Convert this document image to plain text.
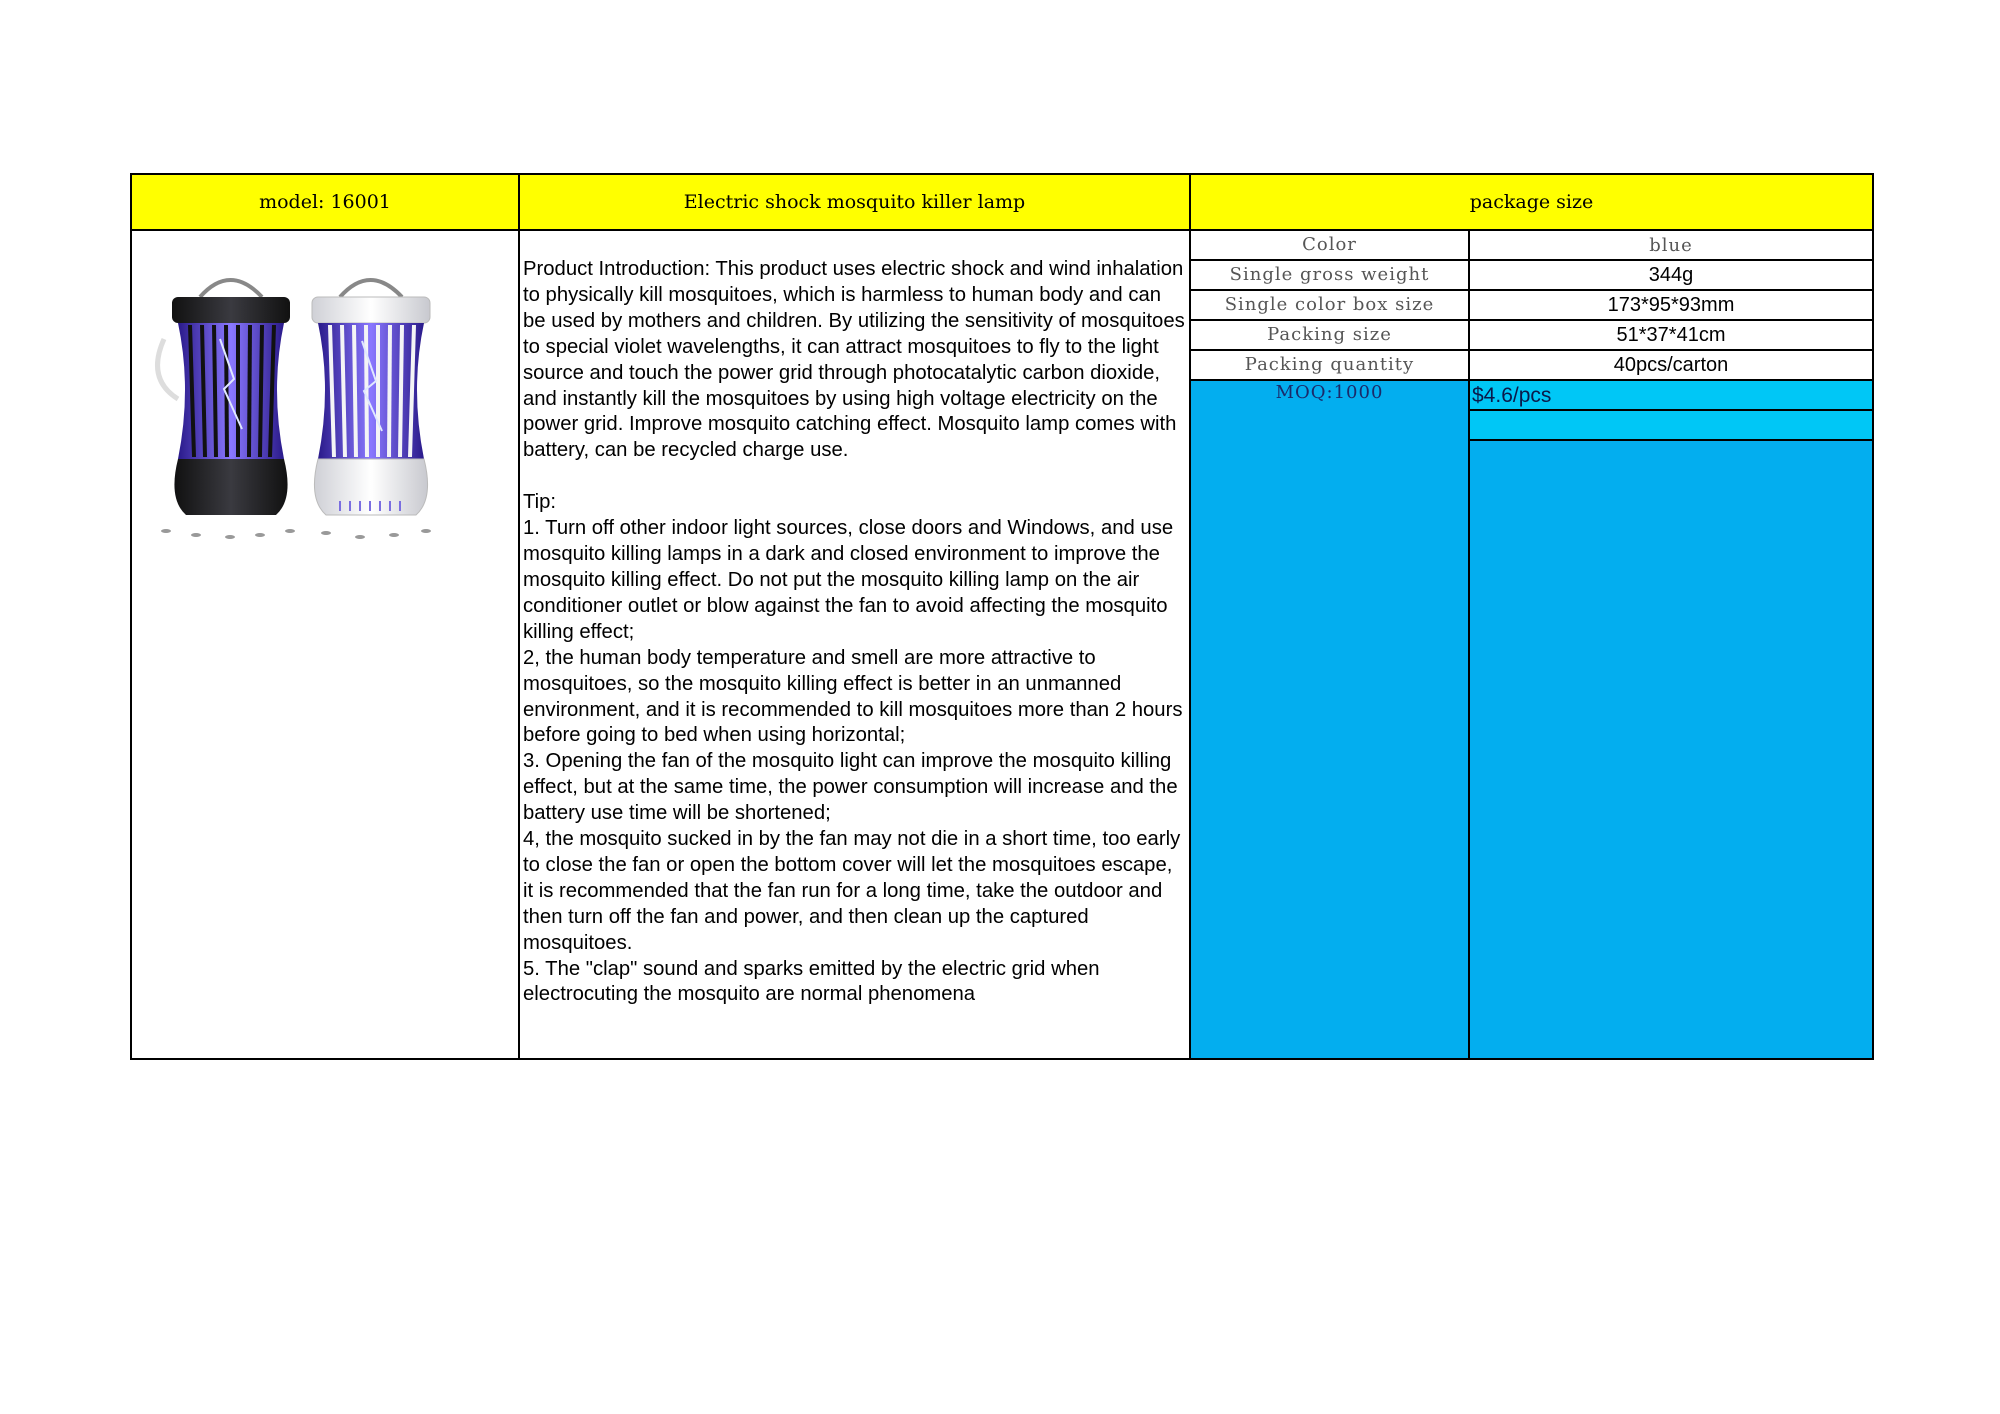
model: 16001	Electric shock mosquito killer lamp	package size
Product Introduction: This product uses electric shock and wind inhalation to physically kill mosquitoes, which is harmless to human body and can be used by mothers and children. By utilizing the sensitivity of mosquitoes to special violet wavelengths, it can attract mosquitoes to fly to the light source and touch the power grid through photocatalytic carbon dioxide, and instantly kill the mosquitoes by using high voltage electricity on the power grid. Improve mosquito catching effect. Mosquito lamp comes with battery, can be recycled charge use.
Tip:
1. Turn off other indoor light sources, close doors and Windows, and use mosquito killing lamps in a dark and closed environment to improve the mosquito killing effect. Do not put the mosquito killing lamp on the air conditioner outlet or blow against the fan to avoid affecting the mosquito killing effect;
2, the human body temperature and smell are more attractive to mosquitoes, so the mosquito killing effect is better in an unmanned environment, and it is recommended to kill mosquitoes more than 2 hours before going to bed when using horizontal;
3. Opening the fan of the mosquito light can improve the mosquito killing effect, but at the same time, the power consumption will increase and the battery use time will be shortened;
4, the mosquito sucked in by the fan may not die in a short time, too early to close the fan or open the bottom cover will let the mosquitoes escape, it is recommended that the fan run for a long time, take the outdoor and then turn off the fan and power, and then clean up the captured mosquitoes.
5. The "clap" sound and sparks emitted by the electric grid when electrocuting the mosquito are normal phenomena
Color	blue
Single gross weight	344g
Single color box size	173*95*93mm
Packing size	51*37*41cm
Packing quantity	40pcs/carton
MOQ:1000	$4.6/pcs
